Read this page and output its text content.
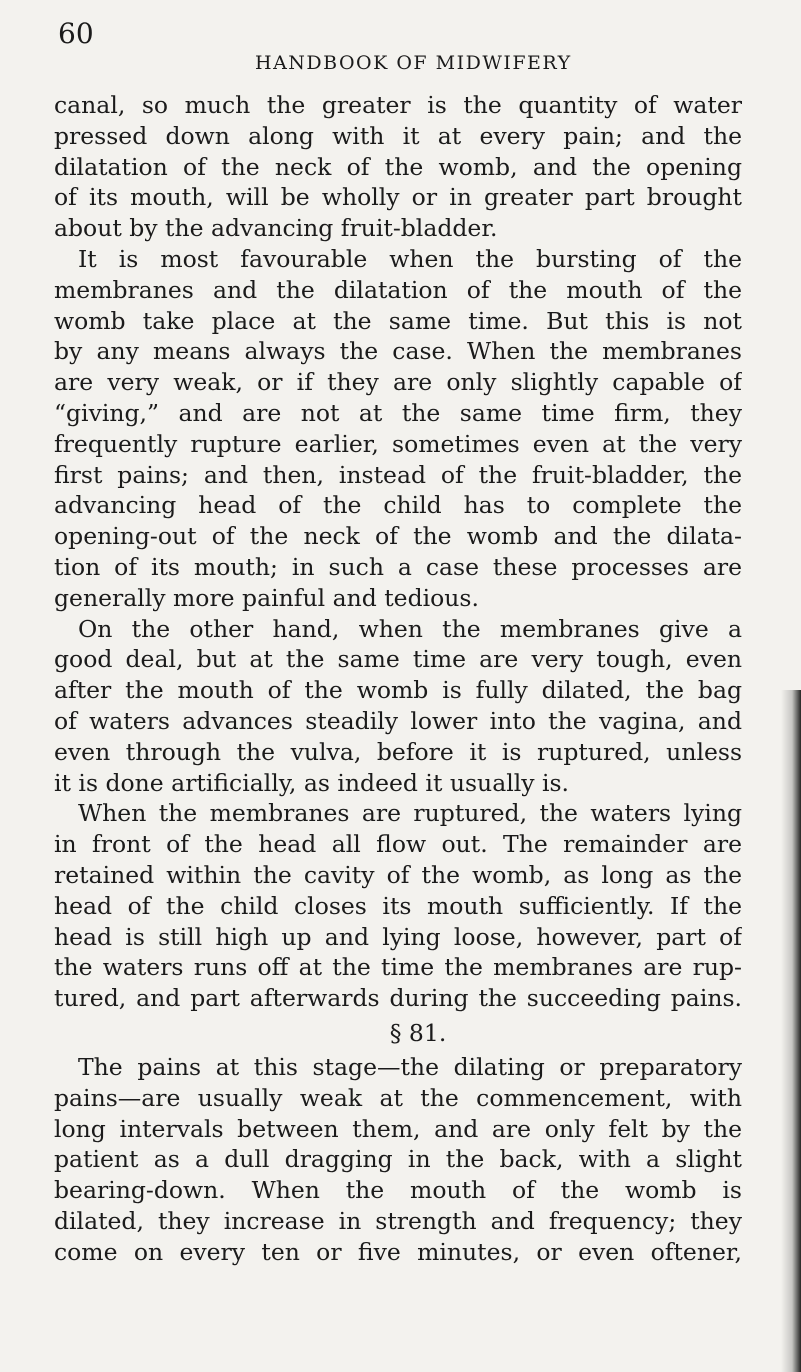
60
HANDBOOK OF MIDWIFERY
canal, so much the greater is the quantity of water
pressed down along with it at every pain; and the
dilatation of the neck of the womb, and the opening
of its mouth, will be wholly or in greater part brought
about by the advancing fruit-bladder.
It is most favourable when the bursting of the
membranes and the dilatation of the mouth of the
womb take place at the same time. But this is not
by any means always the case. When the membranes
are very weak, or if they are only slightly capable of
“giving,” and are not at the same time firm, they
frequently rupture earlier, sometimes even at the very
first pains; and then, instead of the fruit-bladder, the
advancing head of the child has to complete the
opening-out of the neck of the womb and the dilata-
tion of its mouth; in such a case these processes are
generally more painful and tedious.
On the other hand, when the membranes give a
good deal, but at the same time are very tough, even
after the mouth of the womb is fully dilated, the bag
of waters advances steadily lower into the vagina, and
even through the vulva, before it is ruptured, unless
it is done artificially, as indeed it usually is.
When the membranes are ruptured, the waters lying
in front of the head all flow out. The remainder are
retained within the cavity of the womb, as long as the
head of the child closes its mouth sufficiently. If the
head is still high up and lying loose, however, part of
the waters runs off at the time the membranes are rup-
tured, and part afterwards during the succeeding pains.
§ 81.
The pains at this stage—the dilating or preparatory
pains—are usually weak at the commencement, with
long intervals between them, and are only felt by the
patient as a dull dragging in the back, with a slight
bearing-down. When the mouth of the womb is
dilated, they increase in strength and frequency; they
come on every ten or five minutes, or even oftener,
